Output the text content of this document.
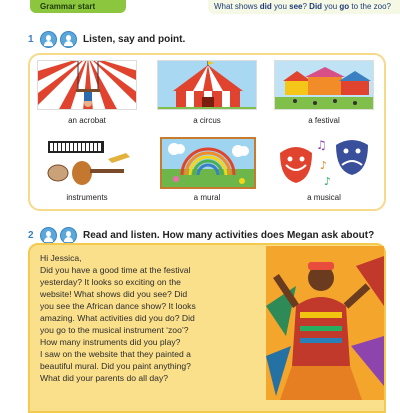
Grammar start	What shows did you see? Did you go to the zoo?
1	Listen, say and point.
an acrobat	a circus	a festival
♫
♪
♪
instruments	a mural	a musical
2	Read and listen. How many activities does Megan ask about?
Hi Jessica,
Did you have a good time at the festival
yesterday? It looks so exciting on the
website! What shows did you see? Did
you see the African dance show? It looks
amazing. What activities did you do? Did
you go to the musical instrument ‘zoo’?
How many instruments did you play?
I saw on the website that they painted a
beautiful mural. Did you paint anything?
What did your parents do all day?
